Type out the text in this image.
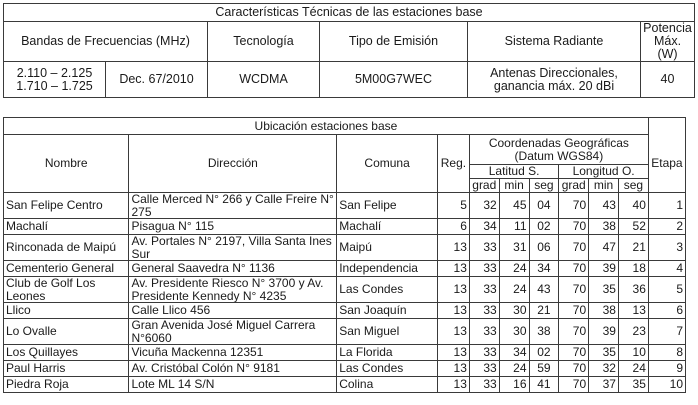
Características Técnicas de las estaciones base					
Bandas de Frecuencias (MHz)		Tecnología	Tipo de Emisión	Sistema Radiante	Potencia Máx. (W)

2.110 – 2.125
1.710 – 1.725	Dec. 67/2010	WCDMA	5M00G7WEC	Antenas Direccionales, ganancia máx. 20 dBi	40
Ubicación estaciones base										
Nombre	Dirección	Comuna	Reg.	Coordenadas Geográficas (Datum WGS84)						Etapa
				Latitud S.			Longitud O.			
				grad	min	seg	grad	min	seg	
San Felipe Centro	Calle Merced N° 266 y Calle Freire N° 275	San Felipe	5	32	45	04	70	43	40	1
Machalí	Pisagua N° 115	Machalí	6	34	11	02	70	38	52	2
Rinconada de Maipú	Av. Portales N° 2197, Villa Santa Ines Sur	Maipú	13	33	31	06	70	47	21	3
Cementerio General	General Saavedra N° 1136	Independencia	13	33	24	34	70	39	18	4
Club de Golf Los Leones	Av. Presidente Riesco N° 3700 y Av. Presidente Kennedy N° 4235	Las Condes	13	33	24	43	70	35	36	5
Llico	Calle Llico 456	San Joaquín	13	33	30	21	70	38	13	6
Lo Ovalle	Gran Avenida José Miguel Carrera N°6060	San Miguel	13	33	30	38	70	39	23	7
Los Quillayes	Vicuña Mackenna 12351	La Florida	13	33	34	02	70	35	10	8
Paul Harris	Av. Cristóbal Colón N° 9181	Las Condes	13	33	24	59	70	32	24	9
Piedra Roja	Lote ML 14 S/N	Colina	13	33	16	41	70	37	35	10
